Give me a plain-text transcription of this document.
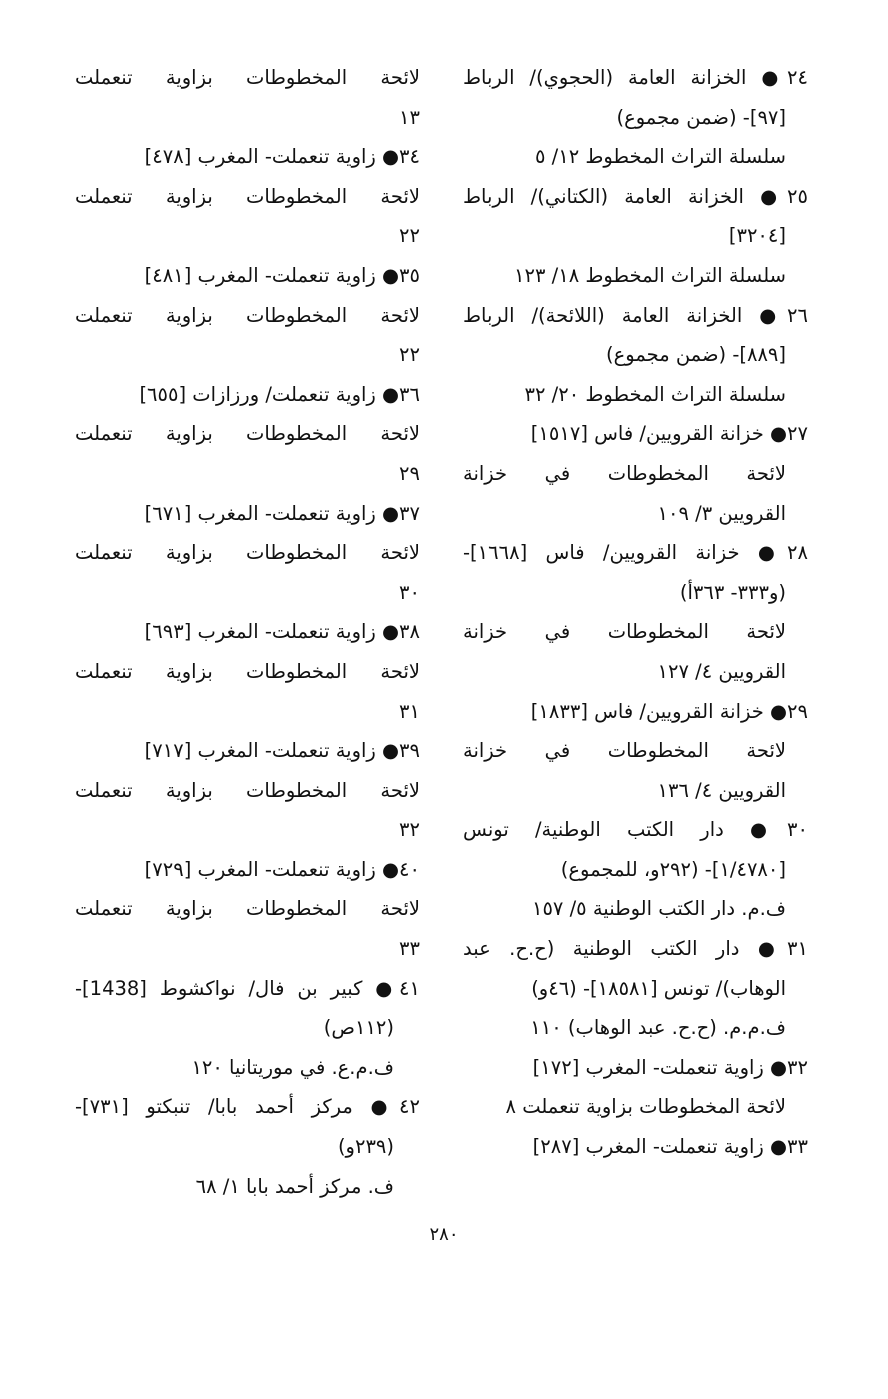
٢٤● الخزانة العامة (الحجوي)/ الرباط
[٩٧]- (ضمن مجموع)
سلسلة التراث المخطوط ١٢/ ٥
٢٥● الخزانة العامة (الكتاني)/ الرباط
[٣٢٠٤]
سلسلة التراث المخطوط ١٨/ ١٢٣
٢٦● الخزانة العامة (اللائحة)/ الرباط
[٨٨٩]- (ضمن مجموع)
سلسلة التراث المخطوط ٢٠/ ٣٢
٢٧● خزانة القرويين/ فاس [١٥١٧]
لائحة المخطوطات في خزانة
القرويين ٣/ ١٠٩
٢٨● خزانة القرويين/ فاس [١٦٦٨]-
(و٣٣٣- ٣٦٣أ)
لائحة المخطوطات في خزانة
القرويين ٤/ ١٢٧
٢٩● خزانة القرويين/ فاس [١٨٣٣]
لائحة المخطوطات في خزانة
القرويين ٤/ ١٣٦
٣٠● دار الكتب الوطنية/ تونس
[١/٤٧٨٠]- (٢٩٢و، للمجموع)
ف.م. دار الكتب الوطنية ٥/ ١٥٧
٣١● دار الكتب الوطنية (ح.ح. عبد
الوهاب)/ تونس [١٨٥٨١]- (٤٦و)
ف.م.م. (ح.ح. عبد الوهاب) ١١٠
٣٢● زاوية تنعملت- المغرب [١٧٢]
لائحة المخطوطات بزاوية تنعملت ٨
٣٣● زاوية تنعملت- المغرب [٢٨٧]
لائحة المخطوطات بزاوية تنعملت
١٣
٣٤● زاوية تنعملت- المغرب [٤٧٨]
لائحة المخطوطات بزاوية تنعملت
٢٢
٣٥● زاوية تنعملت- المغرب [٤٨١]
لائحة المخطوطات بزاوية تنعملت
٢٢
٣٦● زاوية تنعملت/ ورزازات [٦٥٥]
لائحة المخطوطات بزاوية تنعملت
٢٩
٣٧● زاوية تنعملت- المغرب [٦٧١]
لائحة المخطوطات بزاوية تنعملت
٣٠
٣٨● زاوية تنعملت- المغرب [٦٩٣]
لائحة المخطوطات بزاوية تنعملت
٣١
٣٩● زاوية تنعملت- المغرب [٧١٧]
لائحة المخطوطات بزاوية تنعملت
٣٢
٤٠● زاوية تنعملت- المغرب [٧٢٩]
لائحة المخطوطات بزاوية تنعملت
٣٣
٤١● كبير بن فال/ نواكشوط [1438]-
(١١٢ص)
ف.م.ع. في موريتانيا ١٢٠
٤٢● مركز أحمد بابا/ تنبكتو [٧٣١]-
(٢٣٩و)
ف. مركز أحمد بابا ١/ ٦٨
٢٨٠
